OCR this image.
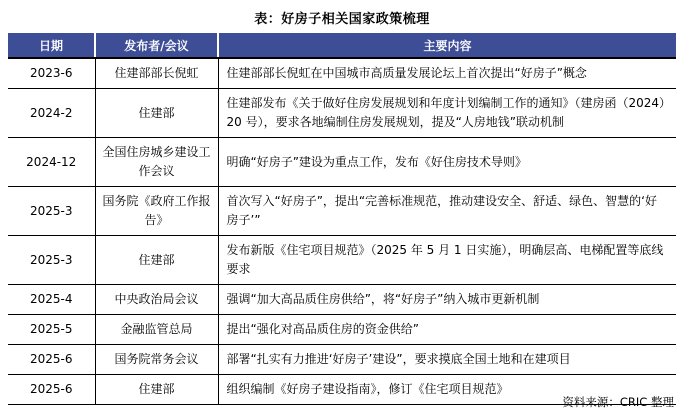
表：好房子相关国家政策梳理
日期	发布者/会议	主要内容
2023-6	住建部部长倪虹	住建部部长倪虹在中国城市高质量发展论坛上首次提出“好房子”概念
2024-2	住建部	住建部发布《关于做好住房发展规划和年度计划编制工作的通知》（建房函（2024）20 号），要求各地编制住房发展规划，提及“人房地钱”联动机制
2024-12	全国住房城乡建设工作会议	明确“好房子”建设为重点工作，发布《好住房技术导则》
2025-3	国务院《政府工作报告》	首次写入“好房子”，提出“完善标准规范，推动建设安全、舒适、绿色、智慧的‘好房子’”
2025-3	住建部	发布新版《住宅项目规范》（2025 年 5 月 1 日实施），明确层高、电梯配置等底线要求
2025-4	中央政治局会议	强调“加大高品质住房供给”，将“好房子”纳入城市更新机制
2025-5	金融监管总局	提出“强化对高品质住房的资金供给”
2025-6	国务院常务会议	部署“扎实有力推进‘好房子’建设”，要求摸底全国土地和在建项目
2025-6	住建部	组织编制《好房子建设指南》，修订《住宅项目规范》
资料来源：CRIC 整理
